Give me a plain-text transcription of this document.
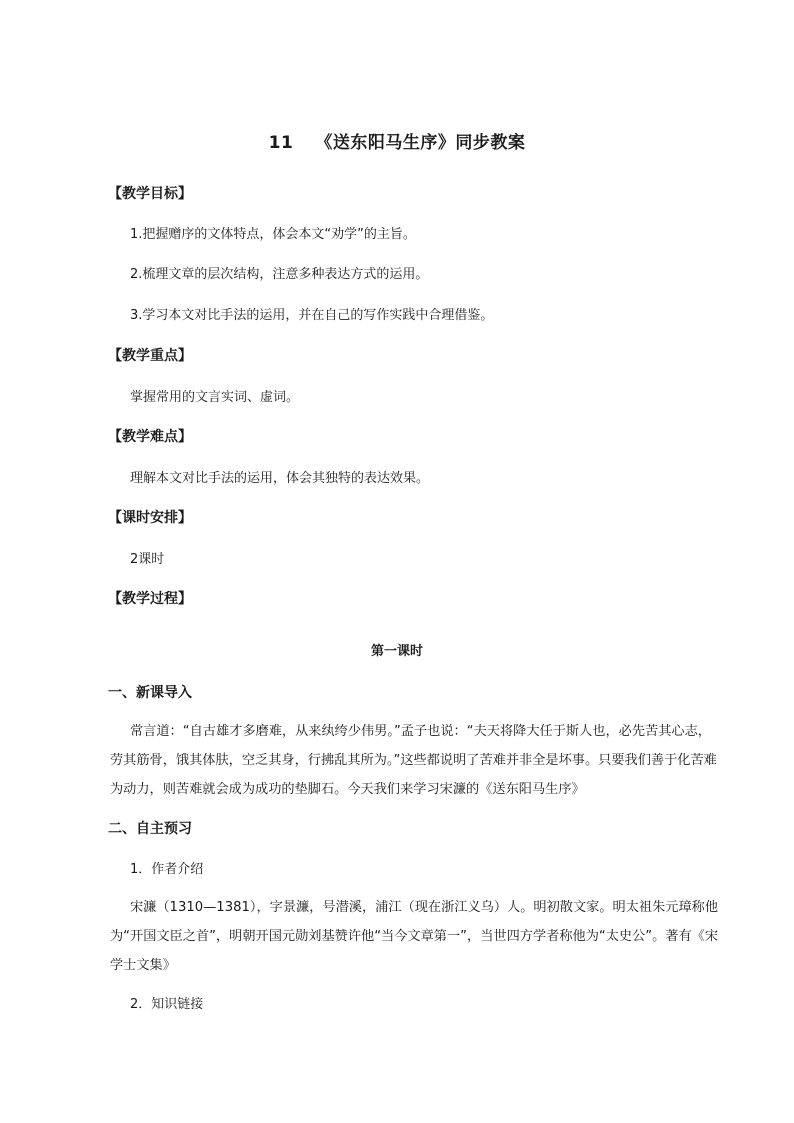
11 《送东阳马生序》同步教案
【教学目标】
1.把握赠序的文体特点，体会本文“劝学”的主旨。
2.梳理文章的层次结构，注意多种表达方式的运用。
3.学习本文对比手法的运用，并在自己的写作实践中合理借鉴。
【教学重点】
掌握常用的文言实词、虚词。
【教学难点】
理解本文对比手法的运用，体会其独特的表达效果。
【课时安排】
2课时
【教学过程】
第一课时
一、新课导入
常言道：“自古雄才多磨难，从来纨绔少伟男。”孟子也说：“夫天将降大任于斯人也，必先苦其心志，劳其筋骨，饿其体肤，空乏其身，行拂乱其所为。”这些都说明了苦难并非全是坏事。只要我们善于化苦难为动力，则苦难就会成为成功的垫脚石。今天我们来学习宋濂的《送东阳马生序》
二、自主预习
1．作者介绍
宋濂（1310—1381），字景濂，号潜溪，浦江（现在浙江义乌）人。明初散文家。明太祖朱元璋称他为“开国文臣之首”，明朝开国元勋刘基赞许他“当今文章第一”，当世四方学者称他为“太史公”。著有《宋学士文集》
2．知识链接
